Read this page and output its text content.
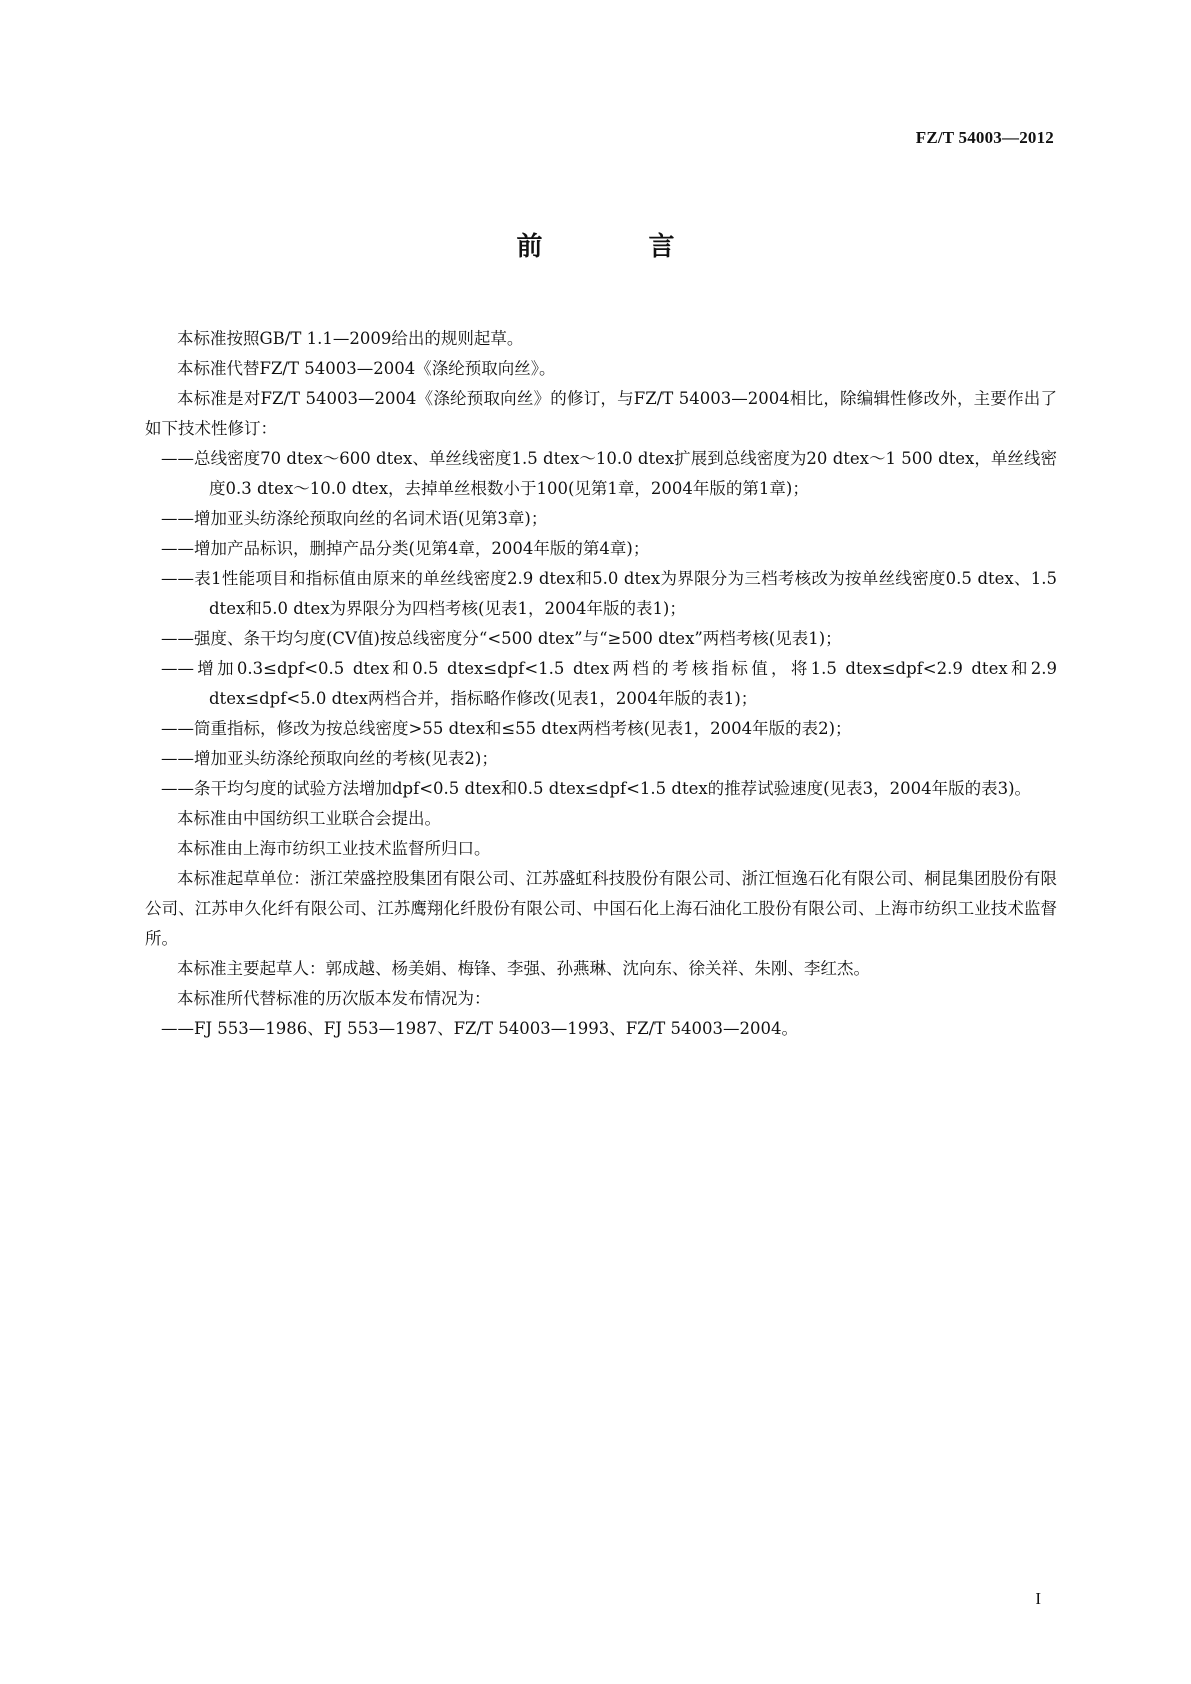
FZ/T 54003—2012
前　言

本标准按照GB/T 1.1—2009给出的规则起草。

本标准代替FZ/T 54003—2004《涤纶预取向丝》。

本标准是对FZ/T 54003—2004《涤纶预取向丝》的修订，与FZ/T 54003—2004相比，除编辑性修改外，主要作出了如下技术性修订：

——总线密度70 dtex～600 dtex、单丝线密度1.5 dtex～10.0 dtex扩展到总线密度为20 dtex～1 500 dtex，单丝线密度0.3 dtex～10.0 dtex，去掉单丝根数小于100(见第1章，2004年版的第1章)；

——增加亚头纺涤纶预取向丝的名词术语(见第3章)；

——增加产品标识，删掉产品分类(见第4章，2004年版的第4章)；

——表1性能项目和指标值由原来的单丝线密度2.9 dtex和5.0 dtex为界限分为三档考核改为按单丝线密度0.5 dtex、1.5 dtex和5.0 dtex为界限分为四档考核(见表1，2004年版的表1)；

——强度、条干均匀度(CV值)按总线密度分“<500 dtex”与“≥500 dtex”两档考核(见表1)；

——增加0.3≤dpf<0.5 dtex和0.5 dtex≤dpf<1.5 dtex两档的考核指标值，将1.5 dtex≤dpf<2.9 dtex和2.9 dtex≤dpf<5.0 dtex两档合并，指标略作修改(见表1，2004年版的表1)；

——筒重指标，修改为按总线密度>55 dtex和≤55 dtex两档考核(见表1，2004年版的表2)；

——增加亚头纺涤纶预取向丝的考核(见表2)；

——条干均匀度的试验方法增加dpf<0.5 dtex和0.5 dtex≤dpf<1.5 dtex的推荐试验速度(见表3，2004年版的表3)。

本标准由中国纺织工业联合会提出。

本标准由上海市纺织工业技术监督所归口。

本标准起草单位：浙江荣盛控股集团有限公司、江苏盛虹科技股份有限公司、浙江恒逸石化有限公司、桐昆集团股份有限公司、江苏申久化纤有限公司、江苏鹰翔化纤股份有限公司、中国石化上海石油化工股份有限公司、上海市纺织工业技术监督所。

本标准主要起草人：郭成越、杨美娟、梅锋、李强、孙燕琳、沈向东、徐关祥、朱刚、李红杰。

本标准所代替标准的历次版本发布情况为：

——FJ 553—1986、FJ 553—1987、FZ/T 54003—1993、FZ/T 54003—2004。

I
